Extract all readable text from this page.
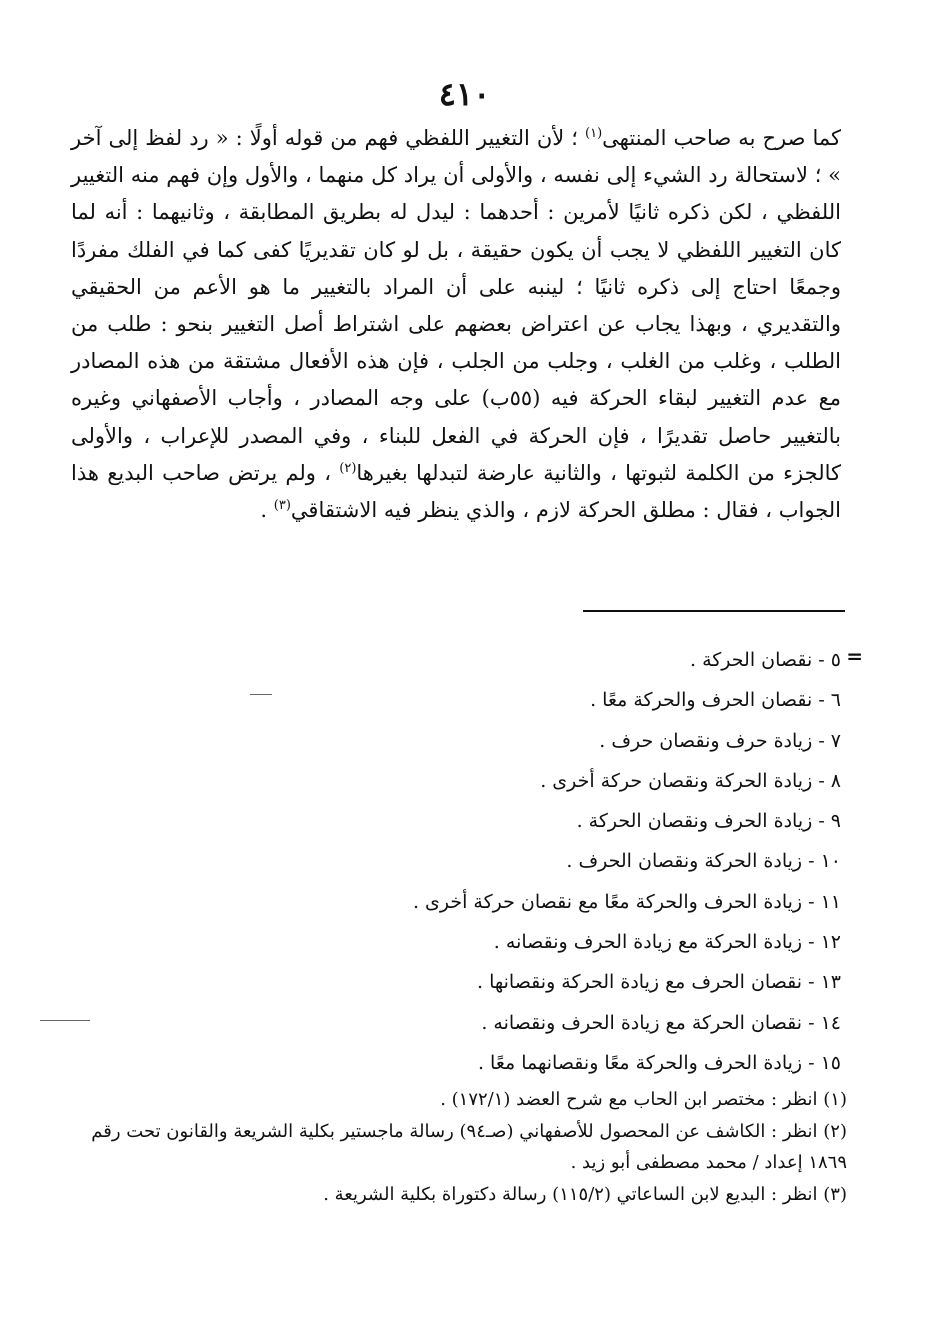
٤١٠

كما صرح به صاحب المنتهى$^{(١)}$ ؛ لأن التغيير اللفظي فهم من قوله أولًا : « رد لفظ إلى آخر » ؛ لاستحالة رد الشيء إلى نفسه ، والأولى أن يراد كل منهما ، والأول وإن فهم منه التغيير اللفظي ، لكن ذكره ثانيًا لأمرين : أحدهما : ليدل له بطريق المطابقة ، وثانيهما : أنه لما كان التغيير اللفظي لا يجب أن يكون حقيقة ، بل لو كان تقديريًا كفى كما في الفلك مفردًا وجمعًا احتاج إلى ذكره ثانيًا ؛ لينبه على أن المراد بالتغيير ما هو الأعم من الحقيقي والتقديري ، وبهذا يجاب عن اعتراض بعضهم على اشتراط أصل التغيير بنحو : طلب من الطلب ، وغلب من الغلب ، وجلب من الجلب ، فإن هذه الأفعال مشتقة من هذه المصادر مع عدم التغيير لبقاء الحركة فيه (٥٥ب) على وجه المصادر ، وأجاب الأصفهاني وغيره بالتغيير حاصل تقديرًا ، فإن الحركة في الفعل للبناء ، وفي المصدر للإعراب ، والأولى كالجزء من الكلمة لثبوتها ، والثانية عارضة لتبدلها بغيرها$^{(٢)}$ ، ولم يرتض صاحب البديع هذا الجواب ، فقال : مطلق الحركة لازم ، والذي ينظر فيه الاشتقاقي$^{(٣)}$ .

=
٥ - نقصان الحركة .
٦ - نقصان الحرف والحركة معًا .
٧ - زيادة حرف ونقصان حرف .
٨ - زيادة الحركة ونقصان حركة أخرى .
٩ - زيادة الحرف ونقصان الحركة .
١٠ - زيادة الحركة ونقصان الحرف .
١١ - زيادة الحرف والحركة معًا مع نقصان حركة أخرى .
١٢ - زيادة الحركة مع زيادة الحرف ونقصانه .
١٣ - نقصان الحرف مع زيادة الحركة ونقصانها .
١٤ - نقصان الحركة مع زيادة الحرف ونقصانه .
١٥ - زيادة الحرف والحركة معًا ونقصانهما معًا .
(١) انظر : مختصر ابن الحاب مع شرح العضد (١٧٢/١) .
(٢) انظر : الكاشف عن المحصول للأصفهاني (صـ٩٤) رسالة ماجستير بكلية الشريعة والقانون تحت رقم ١٨٦٩ إعداد / محمد مصطفى أبو زيد .
(٣) انظر : البديع لابن الساعاتي (١١٥/٢) رسالة دكتوراة بكلية الشريعة .
